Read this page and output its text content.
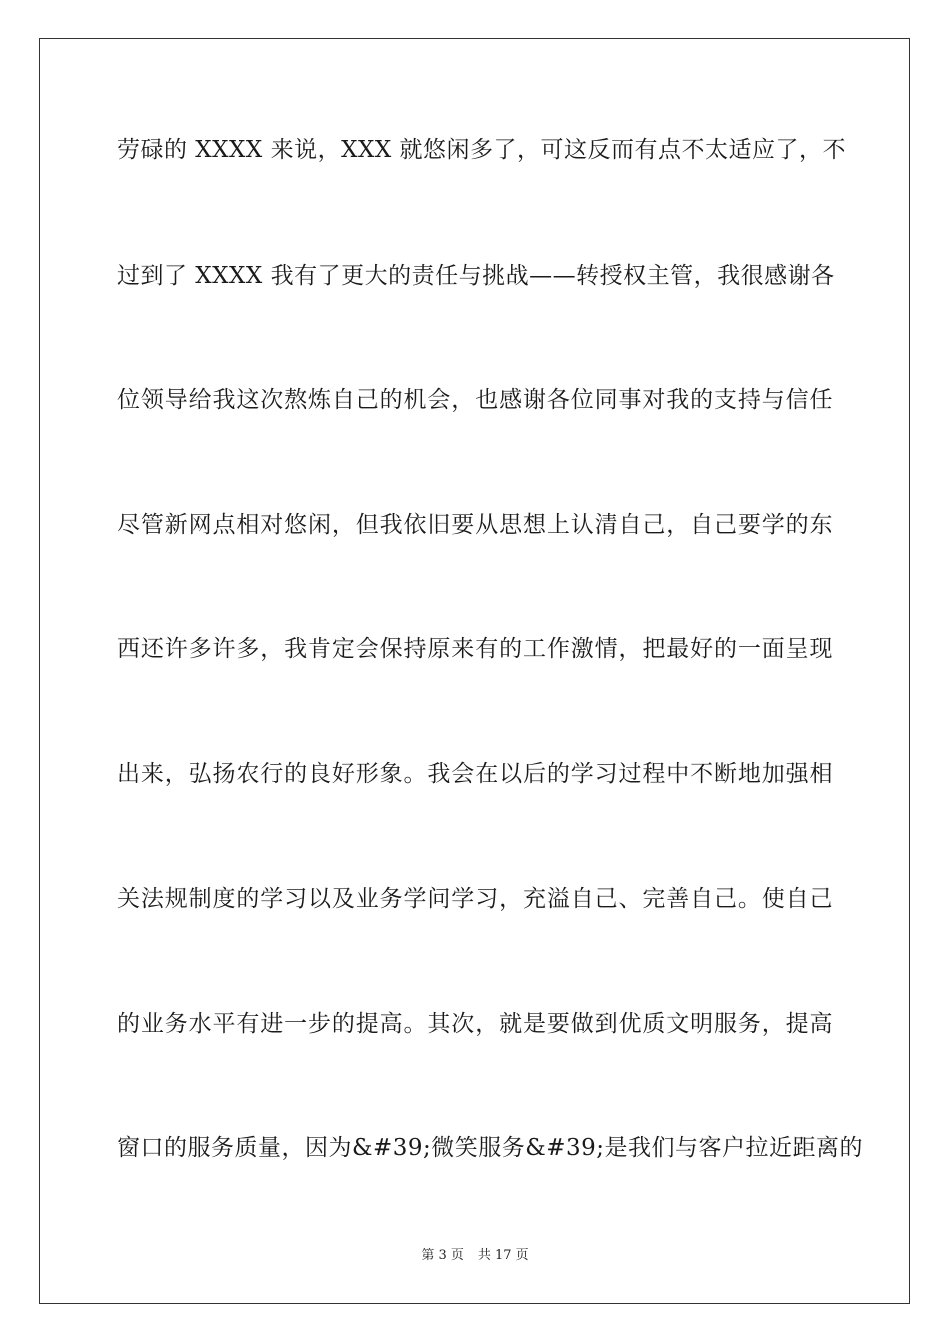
劳碌的 XXXX 来说，XXX 就悠闲多了，可这反而有点不太适应了，不
过到了 XXXX 我有了更大的责任与挑战——转授权主管，我很感谢各
位领导给我这次熬炼自己的机会，也感谢各位同事对我的支持与信任
尽管新网点相对悠闲，但我依旧要从思想上认清自己，自己要学的东
西还许多许多，我肯定会保持原来有的工作激情，把最好的一面呈现
出来，弘扬农行的良好形象。我会在以后的学习过程中不断地加强相
关法规制度的学习以及业务学问学习，充溢自己、完善自己。使自己
的业务水平有进一步的提高。其次，就是要做到优质文明服务，提高
窗口的服务质量，因为&#39;微笑服务&#39;是我们与客户拉近距离的
第 3 页 共 17 页
